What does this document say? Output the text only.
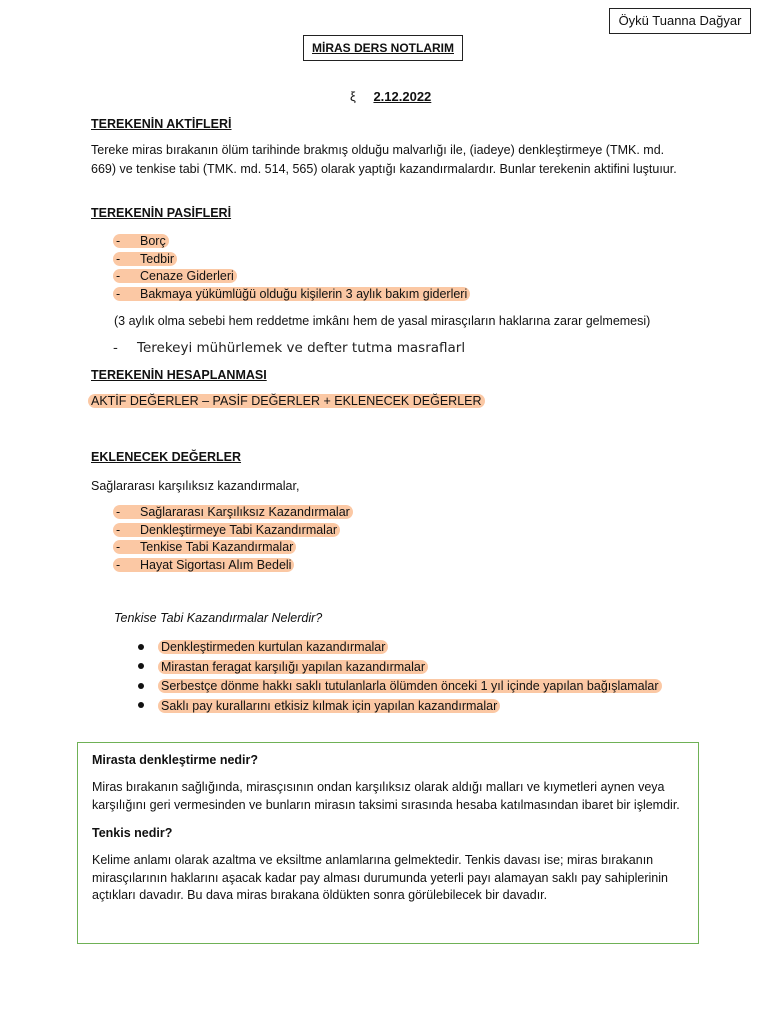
Öykü Tuanna Dağyar
MİRAS DERS NOTLARIM
ξ 2.12.2022
TEREKENİN AKTİFLERİ
Tereke miras bırakanın ölüm tarihinde brakmış olduğu malvarlığı ile, (iadeye) denkleştirmeye (TMK. md. 669) ve tenkise tabi (TMK. md. 514, 565) olarak yaptığı kazandırmalardır. Bunlar terekenin aktifini luştuıur.
TEREKENİN PASİFLERİ
- Borç
- Tedbir
- Cenaze Giderleri
- Bakmaya yükümlüğü olduğu kişilerin 3 aylık bakım giderleri
(3 aylık olma sebebi hem reddetme imkânı hem de yasal mirasçıların haklarına zarar gelmemesi)
- Terekeyi mühürlemek ve defter tutma masraflarl
TEREKENİN HESAPLANMASI
AKTİF DEĞERLER – PASİF DEĞERLER + EKLENECEK DEĞERLER
EKLENECEK DEĞERLER
Sağlararası karşılıksız kazandırmalar,
- Sağlararası Karşılıksız Kazandırmalar
- Denkleştirmeye Tabi Kazandırmalar
- Tenkise Tabi Kazandırmalar
- Hayat Sigortası Alım Bedeli
Tenkise Tabi Kazandırmalar Nelerdir?
Denkleştirmeden kurtulan kazandırmalar
Mirastan feragat karşılığı yapılan kazandırmalar
Serbestçe dönme hakkı saklı tutulanlarla ölümden önceki 1 yıl içinde yapılan bağışlamalar
Saklı pay kurallarını etkisiz kılmak için yapılan kazandırmalar

Mirasta denkleştirme nedir?

Miras bırakanın sağlığında, mirasçısının ondan karşılıksız olarak aldığı malları ve kıymetleri aynen veya karşılığını geri vermesinden ve bunların mirasın taksimi sırasında hesaba katılmasından ibaret bir işlemdir.

Tenkis nedir?

Kelime anlamı olarak azaltma ve eksiltme anlamlarına gelmektedir. Tenkis davası ise; miras bırakanın mirasçılarının haklarını aşacak kadar pay alması durumunda yeterli payı alamayan saklı pay sahiplerinin açtıkları davadır. Bu dava miras bırakana öldükten sonra görülebilecek bir davadır.
